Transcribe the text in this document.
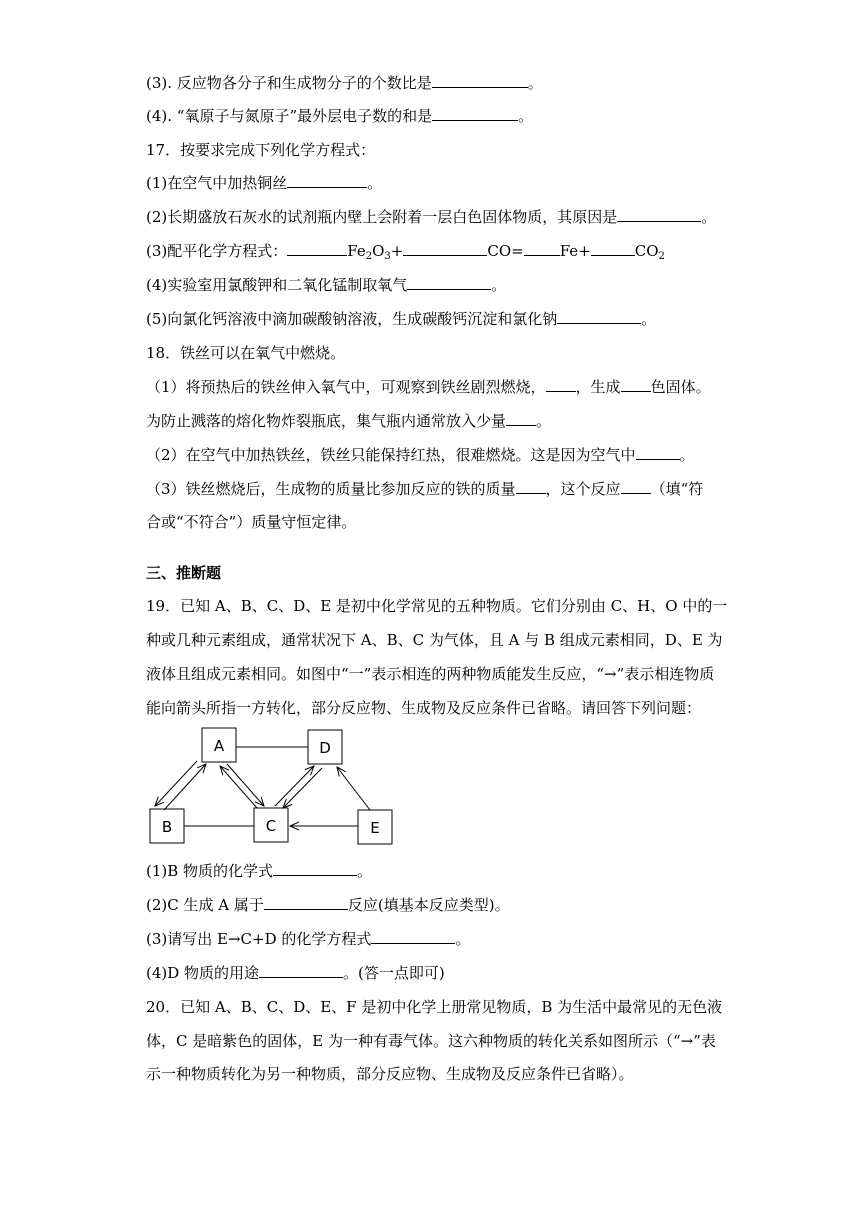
(3). 反应物各分子和生成物分子的个数比是	。
(4). “氧原子与氮原子”最外层电子数的和是	。
17．按要求完成下列化学方程式：
(1)在空气中加热铜丝	。
(2)长期盛放石灰水的试剂瓶内壁上会附着一层白色固体物质，其原因是	。
(3)配平化学方程式：	$Fe_2O_3+$	CO= Fe+	$CO_2$
(4)实验室用氯酸钾和二氧化锰制取氧气	。
(5)向氯化钙溶液中滴加碳酸钠溶液，生成碳酸钙沉淀和氯化钠	。
18．铁丝可以在氧气中燃烧。
（1）将预热后的铁丝伸入氧气中，可观察到铁丝剧烈燃烧， ，生成 色固体。
为防止溅落的熔化物炸裂瓶底，集气瓶内通常放入少量 。
（2）在空气中加热铁丝，铁丝只能保持红热，很难燃烧。这是因为空气中	。
（3）铁丝燃烧后，生成物的质量比参加反应的铁的质量 ，这个反应 （填“符
合或“不符合”）质量守恒定律。
三、推断题
19．已知 A、B、C、D、E 是初中化学常见的五种物质。它们分别由 C、H、O 中的一
种或几种元素组成，通常状况下 A、B、C 为气体，且 A 与 B 组成元素相同，D、E 为
液体且组成元素相同。如图中“一”表示相连的两种物质能发生反应，“→”表示相连物质
能向箭头所指一方转化，部分反应物、生成物及反应条件已省略。请回答下列问题：
A	D
B	C	E
(1)B 物质的化学式	。
(2)C 生成 A 属于	反应(填基本反应类型)。
(3)请写出 E→C+D 的化学方程式	。
(4)D 物质的用途	。(答一点即可)
20．已知 A、B、C、D、E、F 是初中化学上册常见物质，B 为生活中最常见的无色液
体，C 是暗紫色的固体，E 为一种有毒气体。这六种物质的转化关系如图所示（“→”表
示一种物质转化为另一种物质，部分反应物、生成物及反应条件已省略）。
